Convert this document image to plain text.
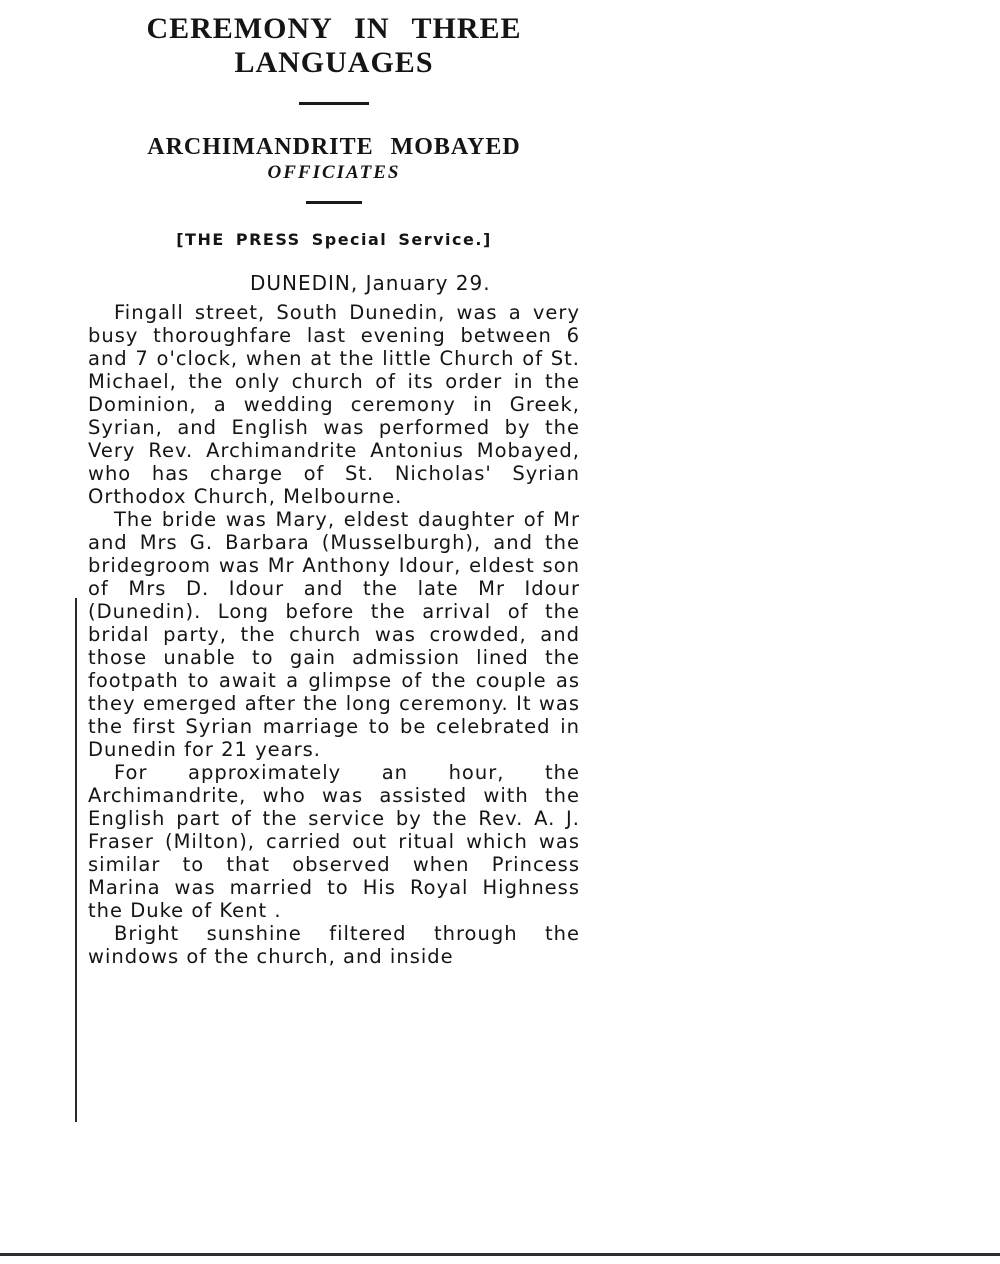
CEREMONY IN THREE
LANGUAGES
ARCHIMANDRITE MOBAYED
OFFICIATES
[THE PRESS Special Service.]
DUNEDIN, January 29.

Fingall street, South Dunedin, was a very busy thoroughfare last evening between 6 and 7 o'clock, when at the little Church of St. Michael, the only church of its order in the Dominion, a wedding ceremony in Greek, Syrian, and English was performed by the Very Rev. Archimandrite Antonius Mobayed, who has charge of St. Nicholas' Syrian Orthodox Church, Melbourne.

The bride was Mary, eldest daughter of Mr and Mrs G. Barbara (Musselburgh), and the bridegroom was Mr Anthony Idour, eldest son of Mrs D. Idour and the late Mr Idour (Dunedin). Long before the arrival of the bridal party, the church was crowded, and those unable to gain admission lined the footpath to await a glimpse of the couple as they emerged after the long ceremony. It was the first Syrian marriage to be celebrated in Dunedin for 21 years.

For approximately an hour, the Archimandrite, who was assisted with the English part of the service by the Rev. A. J. Fraser (Milton), carried out ritual which was similar to that observed when Princess Marina was married to His Royal Highness the Duke of Kent .

Bright sunshine filtered through the windows of the church, and inside
